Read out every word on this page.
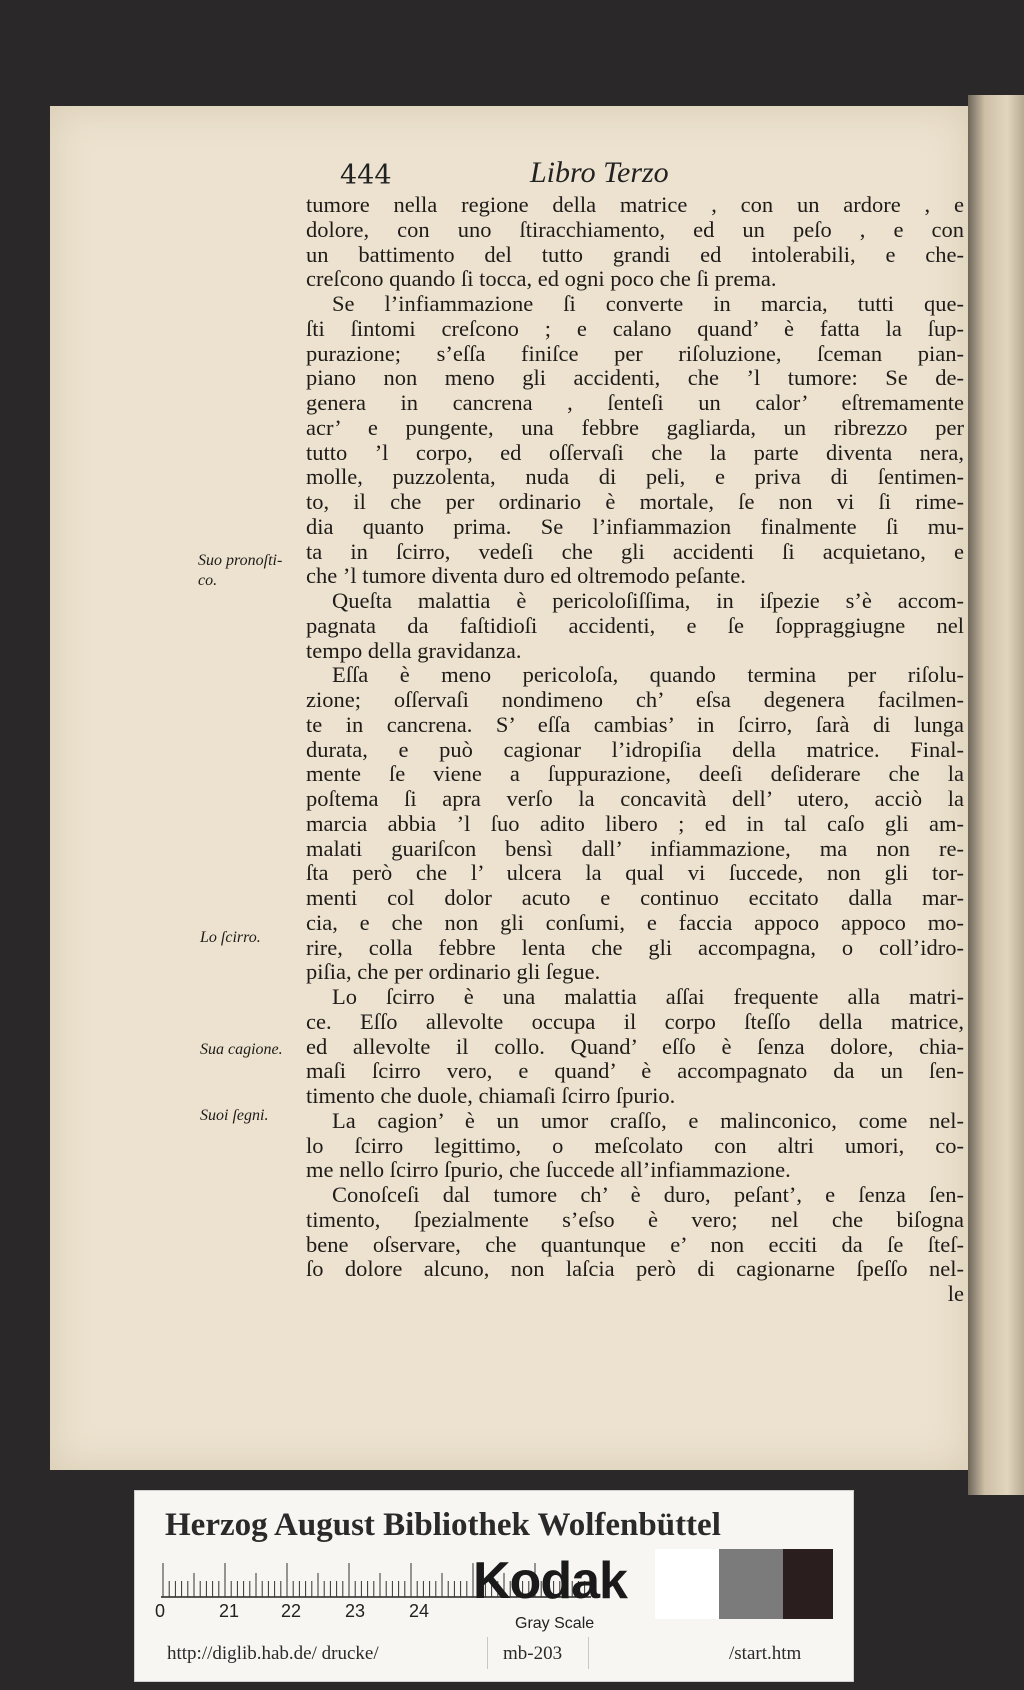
444	Libro Terzo
Suo pronoſti-
co.
Lo ſcirro.
Sua cagione.
Suoi ſegni.
tumore nella regione della matrice , con un ardore , e
dolore, con uno ſtiracchiamento, ed un peſo , e con
un battimento del tutto grandi ed intolerabili, e che-
creſcono quando ſi tocca, ed ogni poco che ſi prema.
Se l’infiammazione ſi converte in marcia, tutti que-
ſti ſintomi creſcono ; e calano quand’ è fatta la ſup-
purazione; s’eſſa finiſce per riſoluzione, ſceman pian-
piano non meno gli accidenti, che ’l tumore: Se de-
genera in cancrena , ſenteſi un calor’ eſtremamente
acr’ e pungente, una febbre gagliarda, un ribrezzo per
tutto ’l corpo, ed oſſervaſi che la parte diventa nera,
molle, puzzolenta, nuda di peli, e priva di ſentimen-
to, il che per ordinario è mortale, ſe non vi ſi rime-
dia quanto prima. Se l’infiammazion finalmente ſi mu-
ta in ſcirro, vedeſi che gli accidenti ſi acquietano, e
che ’l tumore diventa duro ed oltremodo peſante.
Queſta malattia è pericoloſiſſima, in iſpezie s’è accom-
pagnata da faſtidioſi accidenti, e ſe ſoppraggiugne nel
tempo della gravidanza.
Eſſa è meno pericoloſa, quando termina per riſolu-
zione; oſſervaſi nondimeno ch’ eſsa degenera facilmen-
te in cancrena. S’ eſſa cambias’ in ſcirro, ſarà di lunga
durata, e può cagionar l’idropiſia della matrice. Final-
mente ſe viene a ſuppurazione, deeſi deſiderare che la
poſtema ſi apra verſo la concavità dell’ utero, acciò la
marcia abbia ’l ſuo adito libero ; ed in tal caſo gli am-
malati guariſcon bensì dall’ infiammazione, ma non re-
ſta però che l’ ulcera la qual vi ſuccede, non gli tor-
menti col dolor acuto e continuo eccitato dalla mar-
cia, e che non gli conſumi, e faccia appoco appoco mo-
rire, colla febbre lenta che gli accompagna, o coll’idro-
piſia, che per ordinario gli ſegue.
Lo ſcirro è una malattia aſſai frequente alla matri-
ce. Eſſo allevolte occupa il corpo ſteſſo della matrice,
ed allevolte il collo. Quand’ eſſo è ſenza dolore, chia-
maſi ſcirro vero, e quand’ è accompagnato da un ſen-
timento che duole, chiamaſi ſcirro ſpurio.
La cagion’ è un umor craſſo, e malinconico, come nel-
lo ſcirro legittimo, o meſcolato con altri umori, co-
me nello ſcirro ſpurio, che ſuccede all’infiammazione.
Conoſceſi dal tumore ch’ è duro, peſant’, e ſenza ſen-
timento, ſpezialmente s’eſso è vero; nel che biſogna
bene oſservare, che quantunque e’ non ecciti da ſe ſteſ-
ſo dolore alcuno, non laſcia però di cagionarne ſpeſſo nel-
le
Herzog August Bibliothek Wolfenbüttel
0	21 22 23 24
Kodak
Gray Scale
http://diglib.hab.de/ drucke/	mb-203	/start.htm
